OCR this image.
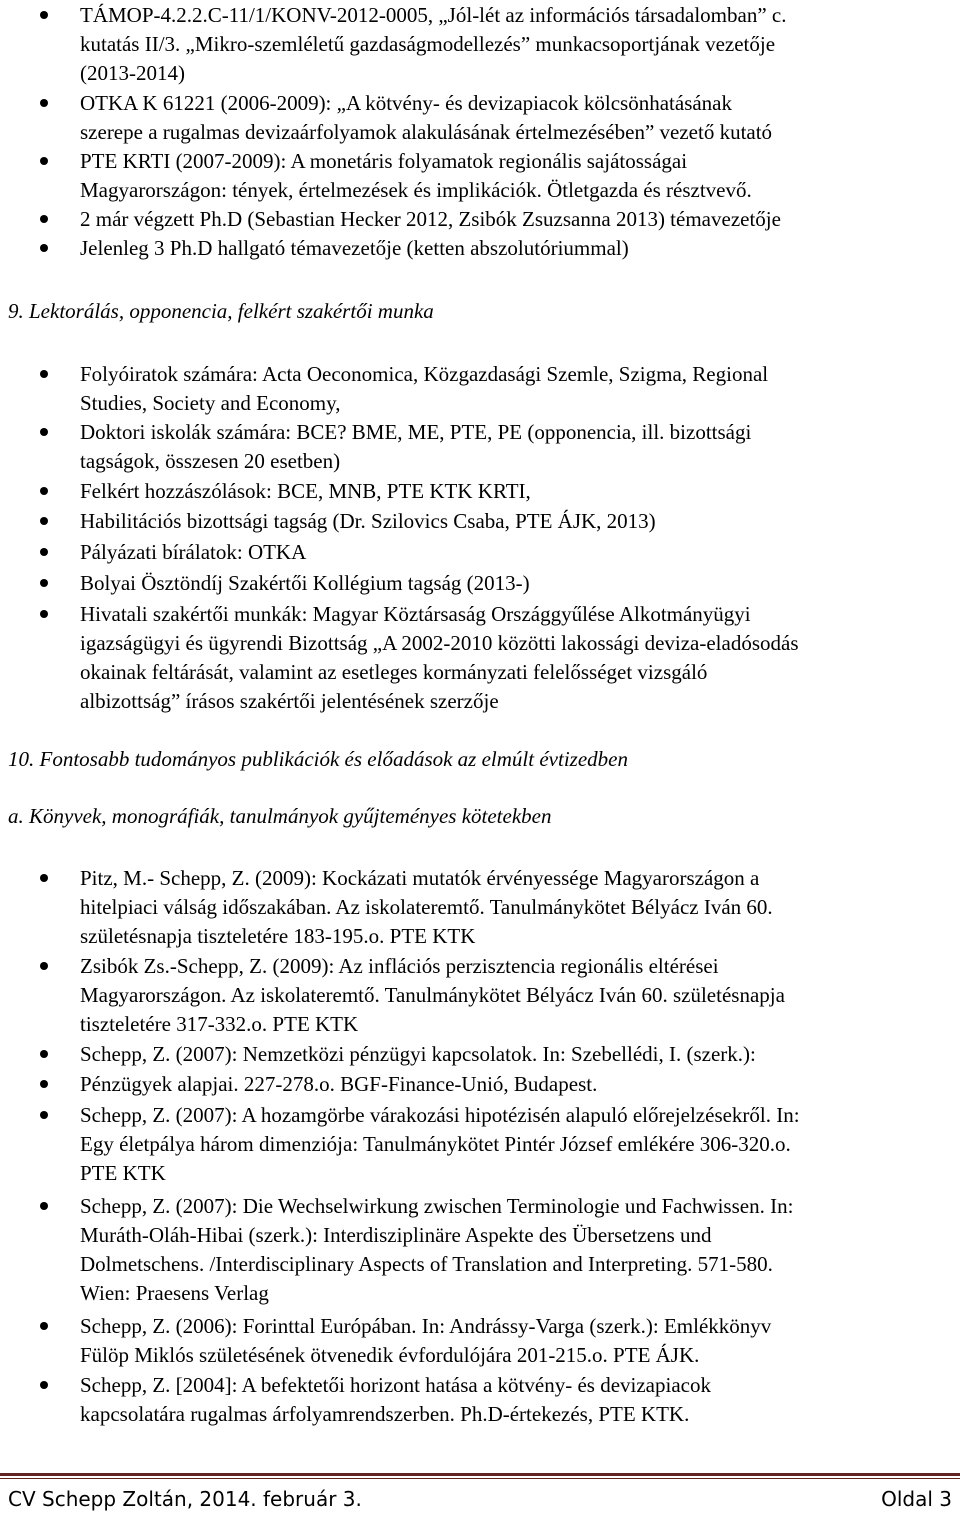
TÁMOP-4.2.2.C-11/1/KONV-2012-0005, „Jól-lét az információs társadalomban” c.
kutatás II/3. „Mikro-szemléletű gazdaságmodellezés” munkacsoportjának vezetője
(2013-2014)
OTKA K 61221 (2006-2009): „A kötvény- és devizapiacok kölcsönhatásának
szerepe a rugalmas devizaárfolyamok alakulásának értelmezésében” vezető kutató
PTE KRTI (2007-2009): A monetáris folyamatok regionális sajátosságai
Magyarországon: tények, értelmezések és implikációk. Ötletgazda és résztvevő.
2 már végzett Ph.D (Sebastian Hecker 2012, Zsibók Zsuzsanna 2013) témavezetője
Jelenleg 3 Ph.D hallgató témavezetője (ketten abszolutóriummal)
9. Lektorálás, opponencia, felkért szakértői munka
Folyóiratok számára: Acta Oeconomica, Közgazdasági Szemle, Szigma, Regional
Studies, Society and Economy,
Doktori iskolák számára: BCE? BME, ME, PTE, PE (opponencia, ill. bizottsági
tagságok, összesen 20 esetben)
Felkért hozzászólások: BCE, MNB, PTE KTK KRTI,
Habilitációs bizottsági tagság (Dr. Szilovics Csaba, PTE ÁJK, 2013)
Pályázati bírálatok: OTKA
Bolyai Ösztöndíj Szakértői Kollégium tagság (2013-)
Hivatali szakértői munkák: Magyar Köztársaság Országgyűlése Alkotmányügyi
igazságügyi és ügyrendi Bizottság „A 2002-2010 közötti lakossági deviza-eladósodás
okainak feltárását, valamint az esetleges kormányzati felelősséget vizsgáló
albizottság” írásos szakértői jelentésének szerzője
10. Fontosabb tudományos publikációk és előadások az elmúlt évtizedben
a. Könyvek, monográfiák, tanulmányok gyűjteményes kötetekben
Pitz, M.- Schepp, Z. (2009): Kockázati mutatók érvényessége Magyarországon a
hitelpiaci válság időszakában. Az iskolateremtő. Tanulmánykötet Bélyácz Iván 60.
születésnapja tiszteletére 183-195.o. PTE KTK
Zsibók Zs.-Schepp, Z. (2009): Az inflációs perzisztencia regionális eltérései
Magyarországon. Az iskolateremtő. Tanulmánykötet Bélyácz Iván 60. születésnapja
tiszteletére 317-332.o. PTE KTK
Schepp, Z. (2007): Nemzetközi pénzügyi kapcsolatok. In: Szebellédi, I. (szerk.):
Pénzügyek alapjai. 227-278.o. BGF-Finance-Unió, Budapest.
Schepp, Z. (2007): A hozamgörbe várakozási hipotézisén alapuló előrejelzésekről. In:
Egy életpálya három dimenziója: Tanulmánykötet Pintér József emlékére 306-320.o.
PTE KTK
Schepp, Z. (2007): Die Wechselwirkung zwischen Terminologie und Fachwissen. In:
Muráth-Oláh-Hibai (szerk.): Interdisziplinäre Aspekte des Übersetzens und
Dolmetschens. /Interdisciplinary Aspects of Translation and Interpreting. 571-580.
Wien: Praesens Verlag
Schepp, Z. (2006): Forinttal Európában. In: Andrássy-Varga (szerk.): Emlékkönyv
Fülöp Miklós születésének ötvenedik évfordulójára 201-215.o. PTE ÁJK.
Schepp, Z. [2004]: A befektetői horizont hatása a kötvény- és devizapiacok
kapcsolatára rugalmas árfolyamrendszerben. Ph.D-értekezés, PTE KTK.
CV Schepp Zoltán, 2014. február 3.	Oldal 3
